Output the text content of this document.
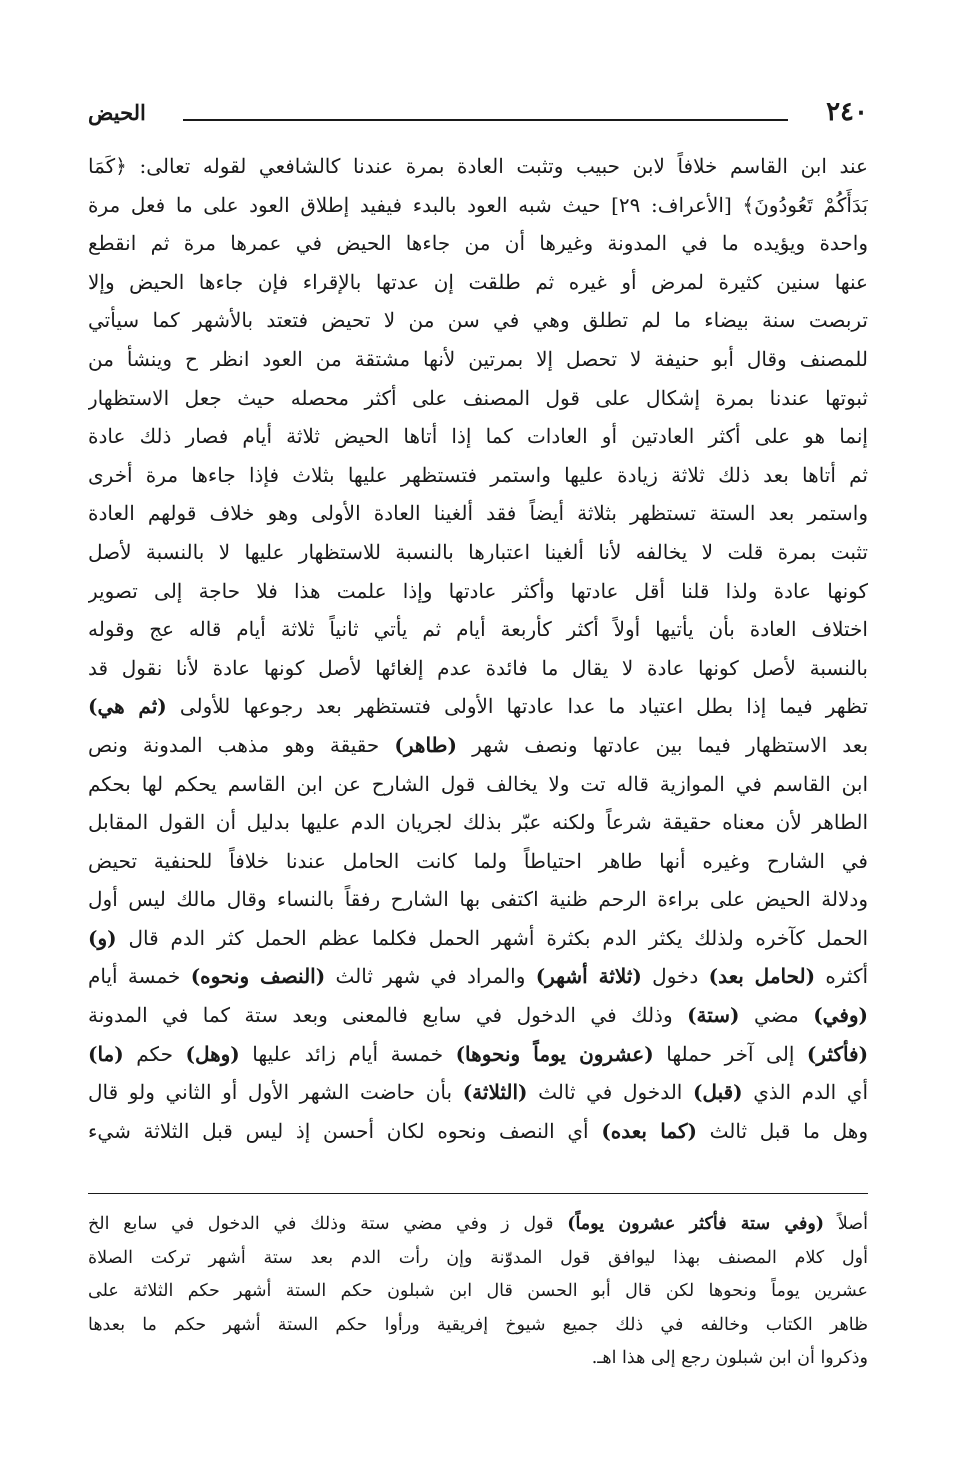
٢٤٠

الحيض

عند ابن القاسم خلافاً لابن حبيب وتثبت العادة بمرة عندنا كالشافعي لقوله تعالى: ﴿كَمَا
بَدَأَكُمْ تَعُودُونَ﴾ [الأعراف: ٢٩] حيث شبه العود بالبدء فيفيد إطلاق العود على ما فعل مرة
واحدة ويؤيده ما في المدونة وغيرها أن من جاءها الحيض في عمرها مرة ثم انقطع
عنها سنين كثيرة لمرض أو غيره ثم طلقت إن عدتها بالإقراء فإن جاءها الحيض وإلا
تربصت سنة بيضاء ما لم تطلق وهي في سن من لا تحيض فتعتد بالأشهر كما سيأتي
للمصنف وقال أبو حنيفة لا تحصل إلا بمرتين لأنها مشتقة من العود انظر ح وينشأ من
ثبوتها عندنا بمرة إشكال على قول المصنف على أكثر محصله حيث جعل الاستظهار
إنما هو على أكثر العادتين أو العادات كما إذا أتاها الحيض ثلاثة أيام فصار ذلك عادة
ثم أتاها بعد ذلك ثلاثة زيادة عليها واستمر فتستظهر عليها بثلاث فإذا جاءها مرة أخرى
واستمر بعد الستة تستظهر بثلاثة أيضاً فقد ألغينا العادة الأولى وهو خلاف قولهم العادة
تثبت بمرة قلت لا يخالفه لأنا ألغينا اعتبارها بالنسبة للاستظهار عليها لا بالنسبة لأصل
كونها عادة ولذا قلنا أقل عادتها وأكثر عادتها وإذا علمت هذا فلا حاجة إلى تصوير
اختلاف العادة بأن يأتيها أولاً أكثر كأربعة أيام ثم يأتي ثانياً ثلاثة أيام قاله عج وقوله
بالنسبة لأصل كونها عادة لا يقال ما فائدة عدم إلغائها لأصل كونها عادة لأنا نقول قد
تظهر فيما إذا بطل اعتياد ما عدا عادتها الأولى فتستظهر بعد رجوعها للأولى (ثم هي)
بعد الاستظهار فيما بين عادتها ونصف شهر (طاهر) حقيقة وهو مذهب المدونة ونص
ابن القاسم في الموازية قاله تت ولا يخالف قول الشارح عن ابن القاسم يحكم لها بحكم
الطاهر لأن معناه حقيقة شرعاً ولكنه عبّر بذلك لجريان الدم عليها بدليل أن القول المقابل
في الشارح وغيره أنها طاهر احتياطاً ولما كانت الحامل عندنا خلافاً للحنفية تحيض
ودلالة الحيض على براءة الرحم ظنية اكتفى بها الشارح رفقاً بالنساء وقال مالك ليس أول
الحمل كآخره ولذلك يكثر الدم بكثرة أشهر الحمل فكلما عظم الحمل كثر الدم قال (و)
أكثره (لحامل بعد) دخول (ثلاثة أشهر) والمراد في شهر ثالث (النصف ونحوه) خمسة أيام
(وفي) مضي (ستة) وذلك في الدخول في سابع فالمعنى وبعد ستة كما في المدونة
(فأكثر) إلى آخر حملها (عشرون يوماً ونحوها) خمسة أيام زائد عليها (وهل) حكم (ما)
أي الدم الذي (قبل) الدخول في ثالث (الثلاثة) بأن حاضت الشهر الأول أو الثاني ولو قال
وهل ما قبل ثالث (كما بعده) أي النصف ونحوه لكان أحسن إذ ليس قبل الثلاثة شيء
أصلاً (وفي ستة فأكثر عشرون يوماً) قول ز وفي مضي ستة وذلك في الدخول في سابع الخ
أول كلام المصنف بهذا ليوافق قول المدوّنة وإن رأت الدم بعد ستة أشهر تركت الصلاة
عشرين يوماً ونحوها لكن قال أبو الحسن قال ابن شبلون حكم الستة أشهر حكم الثلاثة على
ظاهر الكتاب وخالفه في ذلك جميع شيوخ إفريقية ورأوا حكم الستة أشهر حكم ما بعدها
وذكروا أن ابن شبلون رجع إلى هذا اهـ.
